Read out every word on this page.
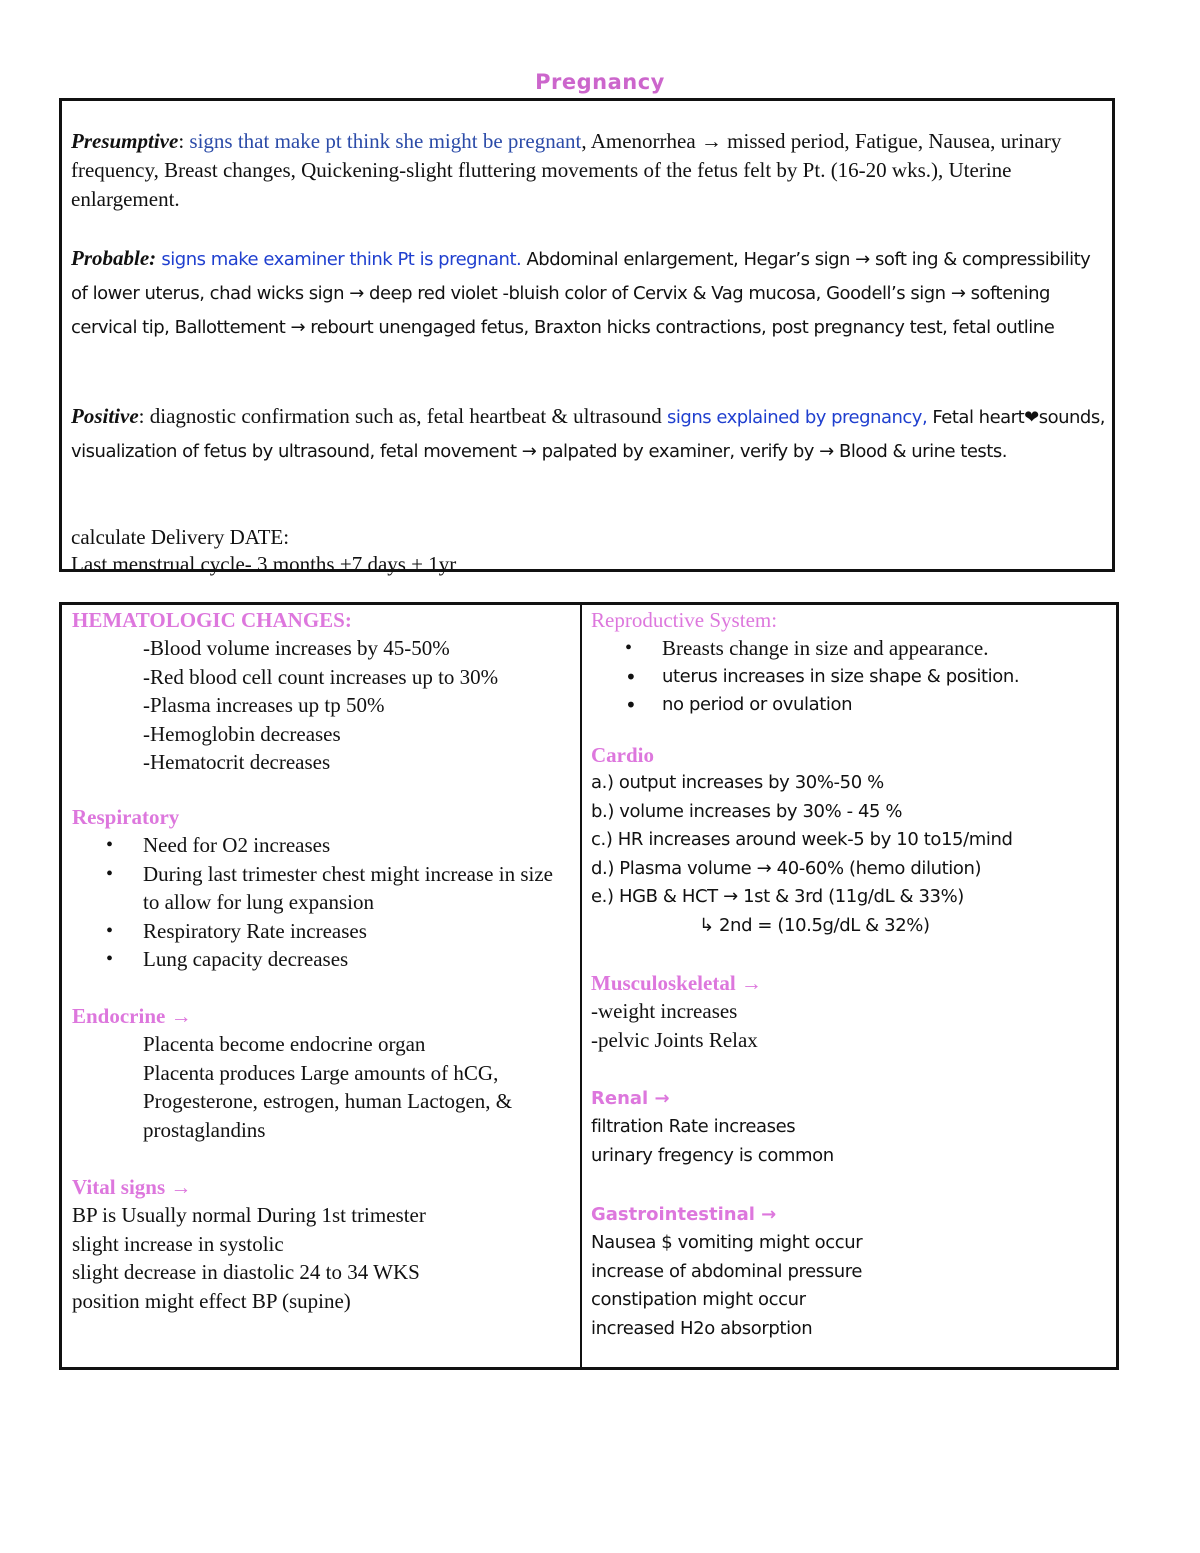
Pregnancy
Presumptive: signs that make pt think she might be pregnant, Amenorrhea → missed period, Fatigue, Nausea, urinary frequency, Breast changes, Quickening-slight fluttering movements of the fetus felt by Pt. (16-20 wks.), Uterine enlargement.
Probable: signs make examiner think Pt is pregnant. Abdominal enlargement, Hegar’s sign → soft ing & compressibility of lower uterus, chad wicks sign → deep red violet -bluish color of Cervix & Vag mucosa, Goodell’s sign → softening cervical tip, Ballottement → rebourt unengaged fetus, Braxton hicks contractions, post pregnancy test, fetal outline
Positive: diagnostic confirmation such as, fetal heartbeat & ultrasound signs explained by pregnancy, Fetal heart❤sounds, visualization of fetus by ultrasound, fetal movement → palpated by examiner, verify by → Blood & urine tests.
calculate Delivery DATE:
Last menstrual cycle- 3 months +7 days + 1yr
HEMATOLOGIC CHANGES:
-Blood volume increases by 45-50%
-Red blood cell count increases up to 30%
-Plasma increases up tp 50%
-Hemoglobin decreases
-Hematocrit decreases
Respiratory
• Need for O2 increases
• During last trimester chest might increase in size to allow for lung expansion
• Respiratory Rate increases
• Lung capacity decreases
Endocrine →
Placenta become endocrine organ
Placenta produces Large amounts of hCG, Progesterone, estrogen, human Lactogen, & prostaglandins
Vital signs →
BP is Usually normal During 1st trimester
slight increase in systolic
slight decrease in diastolic 24 to 34 WKS
position might effect BP (supine)
Reproductive System:
• Breasts change in size and appearance.
• uterus increases in size shape & position.
• no period or ovulation
Cardio
a.) output increases by 30%-50 %
b.) volume increases by 30% - 45 %
c.) HR increases around week-5 by 10 to15/mind
d.) Plasma volume → 40-60% (hemo dilution)
e.) HGB & HCT → 1st & 3rd (11g/dL & 33%)
↳ 2nd = (10.5g/dL & 32%)
Musculoskeletal →
-weight increases
-pelvic Joints Relax
Renal →
filtration Rate increases
urinary fregency is common
Gastrointestinal →
Nausea $ vomiting might occur
increase of abdominal pressure
constipation might occur
increased H2o absorption
